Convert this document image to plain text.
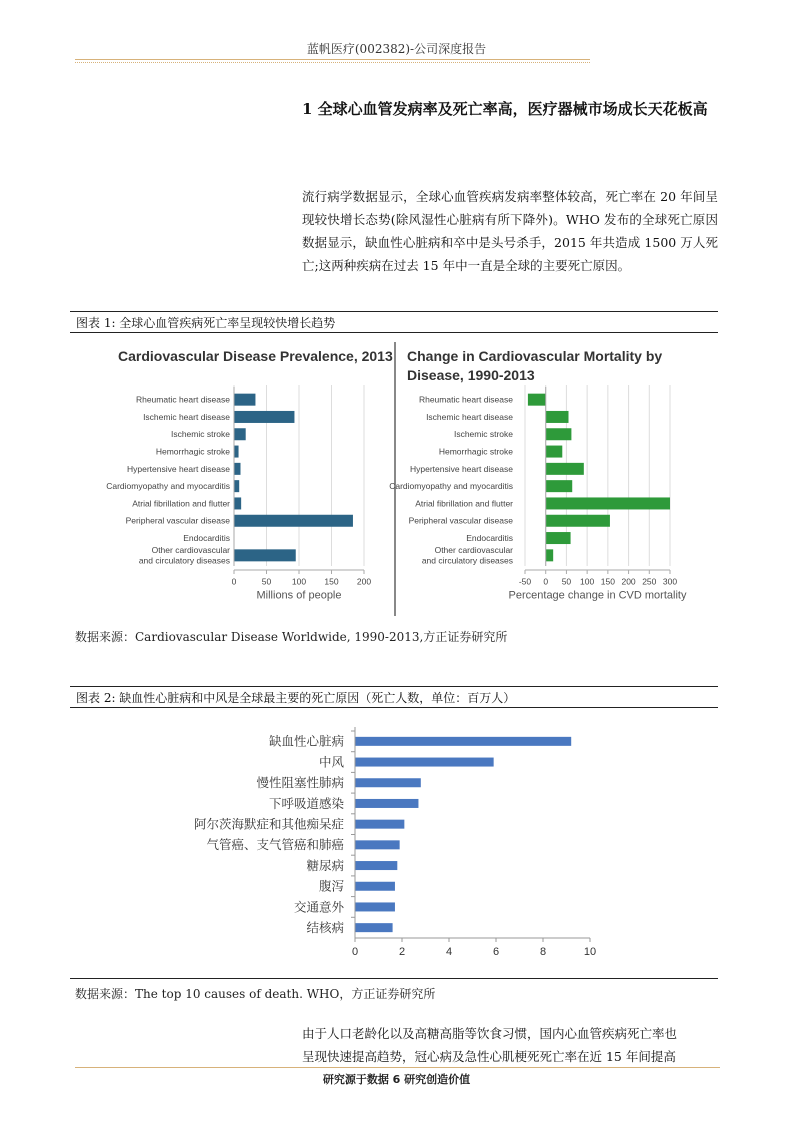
蓝帆医疗(002382)-公司深度报告
1 全球心血管发病率及死亡率高，医疗器械市场成长天花板高
流行病学数据显示，全球心血管疾病发病率整体较高，死亡率在 20 年间呈现较快增长态势(除风湿性心脏病有所下降外)。WHO 发布的全球死亡原因数据显示，缺血性心脏病和卒中是头号杀手，2015 年共造成 1500 万人死亡;这两种疾病在过去 15 年中一直是全球的主要死亡原因。
图表 1: 全球心血管疾病死亡率呈现较快增长趋势
Cardiovascular Disease Prevalence, 2013
Rheumatic heart disease
Ischemic heart disease
Ischemic stroke
Hemorrhagic stroke
Hypertensive heart disease
Cardiomyopathy and myocarditis
Atrial fibrillation and flutter
Peripheral vascular disease
Endocarditis
Other cardiovascular
and circulatory diseases
0	50 100 150 200
Millions of people
Change in Cardiovascular Mortality by
Disease, 1990-2013
Rheumatic heart disease
Ischemic heart disease
Ischemic stroke
Hemorrhagic stroke
Hypertensive heart disease
Cardiomyopathy and myocarditis
Atrial fibrillation and flutter
Peripheral vascular disease
Endocarditis
Other cardiovascular
and circulatory diseases
-50 0 50 100 150 200 250 300
Percentage change in CVD mortality
数据来源：Cardiovascular Disease Worldwide, 1990-2013,方正证券研究所
图表 2: 缺血性心脏病和中风是全球最主要的死亡原因（死亡人数，单位：百万人）
缺血性心脏病
中风
慢性阻塞性肺病
下呼吸道感染
阿尔茨海默症和其他痴呆症
气管癌、支气管癌和肺癌
糖尿病
腹泻
交通意外
结核病
0	2	4	6	8	10
数据来源：The top 10 causes of death. WHO，方正证券研究所
由于人口老龄化以及高糖高脂等饮食习惯，国内心血管疾病死亡率也
呈现快速提高趋势，冠心病及急性心肌梗死死亡率在近 15 年间提高
研究源于数据 6 研究创造价值
